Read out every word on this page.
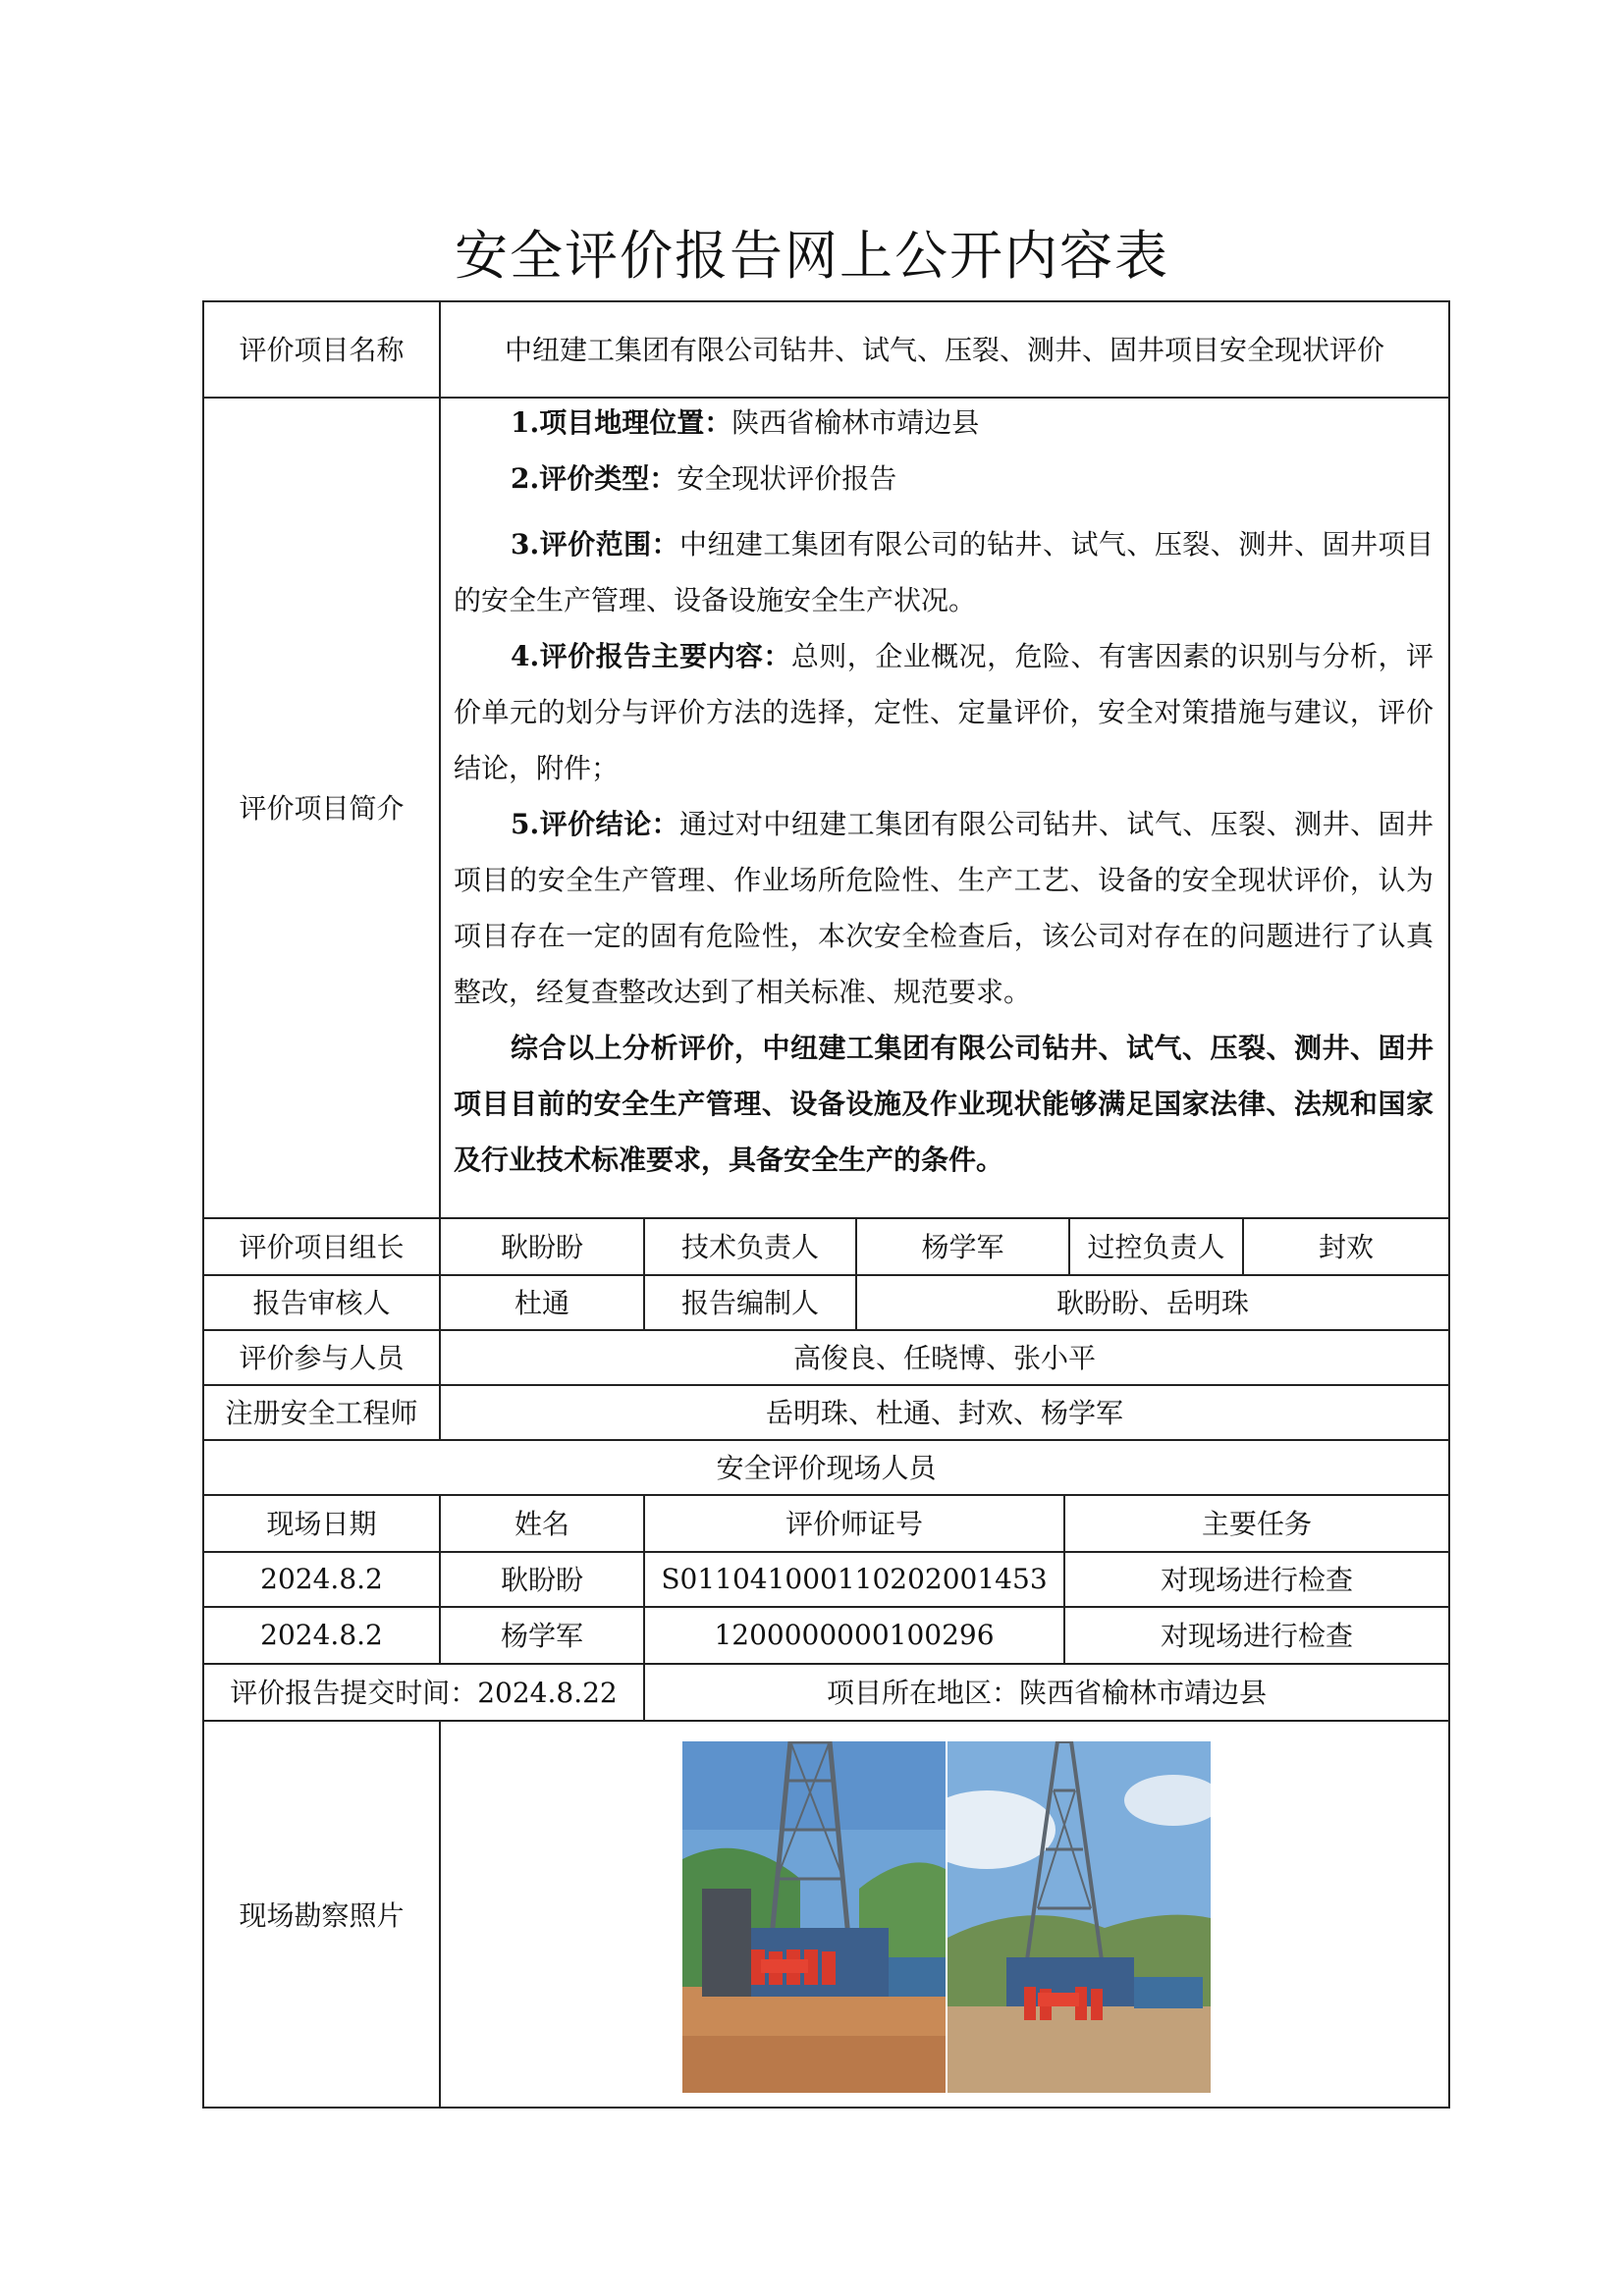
安全评价报告网上公开内容表
评价项目名称	中纽建工集团有限公司钻井、试气、压裂、测井、固井项目安全现状评价
评价项目简介

1.项目地理位置：陕西省榆林市靖边县

2.评价类型：安全现状评价报告

3.评价范围：中纽建工集团有限公司的钻井、试气、压裂、测井、固井项目的安全生产管理、设备设施安全生产状况。

4.评价报告主要内容：总则，企业概况，危险、有害因素的识别与分析，评价单元的划分与评价方法的选择，定性、定量评价，安全对策措施与建议，评价结论，附件；

5.评价结论：通过对中纽建工集团有限公司钻井、试气、压裂、测井、固井项目的安全生产管理、作业场所危险性、生产工艺、设备的安全现状评价，认为项目存在一定的固有危险性，本次安全检查后，该公司对存在的问题进行了认真整改，经复查整改达到了相关标准、规范要求。

综合以上分析评价，中纽建工集团有限公司钻井、试气、压裂、测井、固井项目目前的安全生产管理、设备设施及作业现状能够满足国家法律、法规和国家及行业技术标准要求，具备安全生产的条件。

评价项目组长	耿盼盼	技术负责人	杨学军	过控负责人	封欢
报告审核人	杜通	报告编制人	耿盼盼、岳明珠
评价参与人员	高俊良、任晓博、张小平
注册安全工程师	岳明珠、杜通、封欢、杨学军
安全评价现场人员
现场日期	姓名	评价师证号	主要任务
2024.8.2	耿盼盼	S011041000110202001453	对现场进行检查
2024.8.2	杨学军	1200000000100296	对现场进行检查
评价报告提交时间：2024.8.22	项目所在地区：陕西省榆林市靖边县
现场勘察照片
